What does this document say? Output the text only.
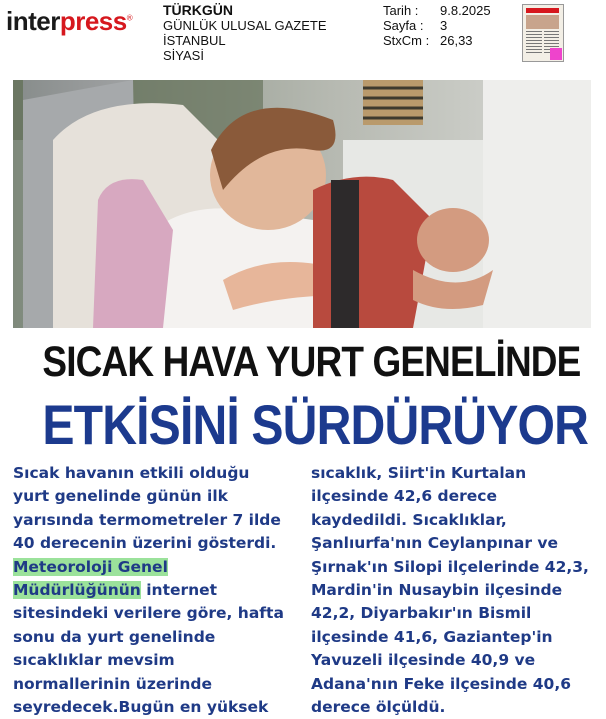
interpress® TÜRKGÜN
GÜNLÜK ULUSAL GAZETE
İSTANBUL
SİYASİ
Tarih :	9.8.2025
Sayfa :	3
StxCm : 26,33
SICAK HAVA YURT GENELİNDE
ETKİSİNİ SÜRDÜRÜYOR

Sıcak havanın etkili olduğu yurt genelinde günün ilk yarısında termometreler 7 ilde 40 derecenin üzerini gösterdi. Meteoroloji Genel Müdürlüğünün internet sitesindeki verilere göre, hafta sonu da yurt genelinde sıcaklıklar mevsim normallerinin üzerinde seyredecek.Bugün en yüksek

sıcaklık, Siirt'in Kurtalan ilçesinde 42,6 derece kaydedildi. Sıcaklıklar, Şanlıurfa'nın Ceylanpınar ve Şırnak'ın Silopi ilçelerinde 42,3, Mardin'in Nusaybin ilçesinde 42,2, Diyarbakır'ın Bismil ilçesinde 41,6, Gaziantep'in Yavuzeli ilçesinde 40,9 ve Adana'nın Feke ilçesinde 40,6 derece ölçüldü.
